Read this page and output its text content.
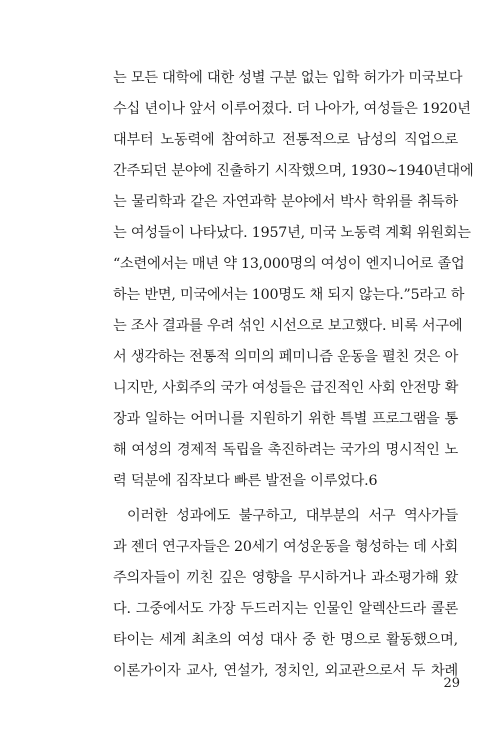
는 모든 대학에 대한 성별 구분 없는 입학 허가가 미국보다
수십 년이나 앞서 이루어졌다. 더 나아가, 여성들은 1920년
대부터 노동력에 참여하고 전통적으로 남성의 직업으로
간주되던 분야에 진출하기 시작했으며, 1930~1940년대에
는 물리학과 같은 자연과학 분야에서 박사 학위를 취득하
는 여성들이 나타났다. 1957년, 미국 노동력 계획 위원회는
“소련에서는 매년 약 13,000명의 여성이 엔지니어로 졸업
하는 반면, 미국에서는 100명도 채 되지 않는다.”5라고 하
는 조사 결과를 우려 섞인 시선으로 보고했다. 비록 서구에
서 생각하는 전통적 의미의 페미니즘 운동을 펼친 것은 아
니지만, 사회주의 국가 여성들은 급진적인 사회 안전망 확
장과 일하는 어머니를 지원하기 위한 특별 프로그램을 통
해 여성의 경제적 독립을 촉진하려는 국가의 명시적인 노
력 덕분에 짐작보다 빠른 발전을 이루었다.6

이러한 성과에도 불구하고, 대부분의 서구 역사가들
과 젠더 연구자들은 20세기 여성운동을 형성하는 데 사회
주의자들이 끼친 깊은 영향을 무시하거나 과소평가해 왔
다. 그중에서도 가장 두드러지는 인물인 알렉산드라 콜론
타이는 세계 최초의 여성 대사 중 한 명으로 활동했으며,
이론가이자 교사, 연설가, 정치인, 외교관으로서 두 차례

29
